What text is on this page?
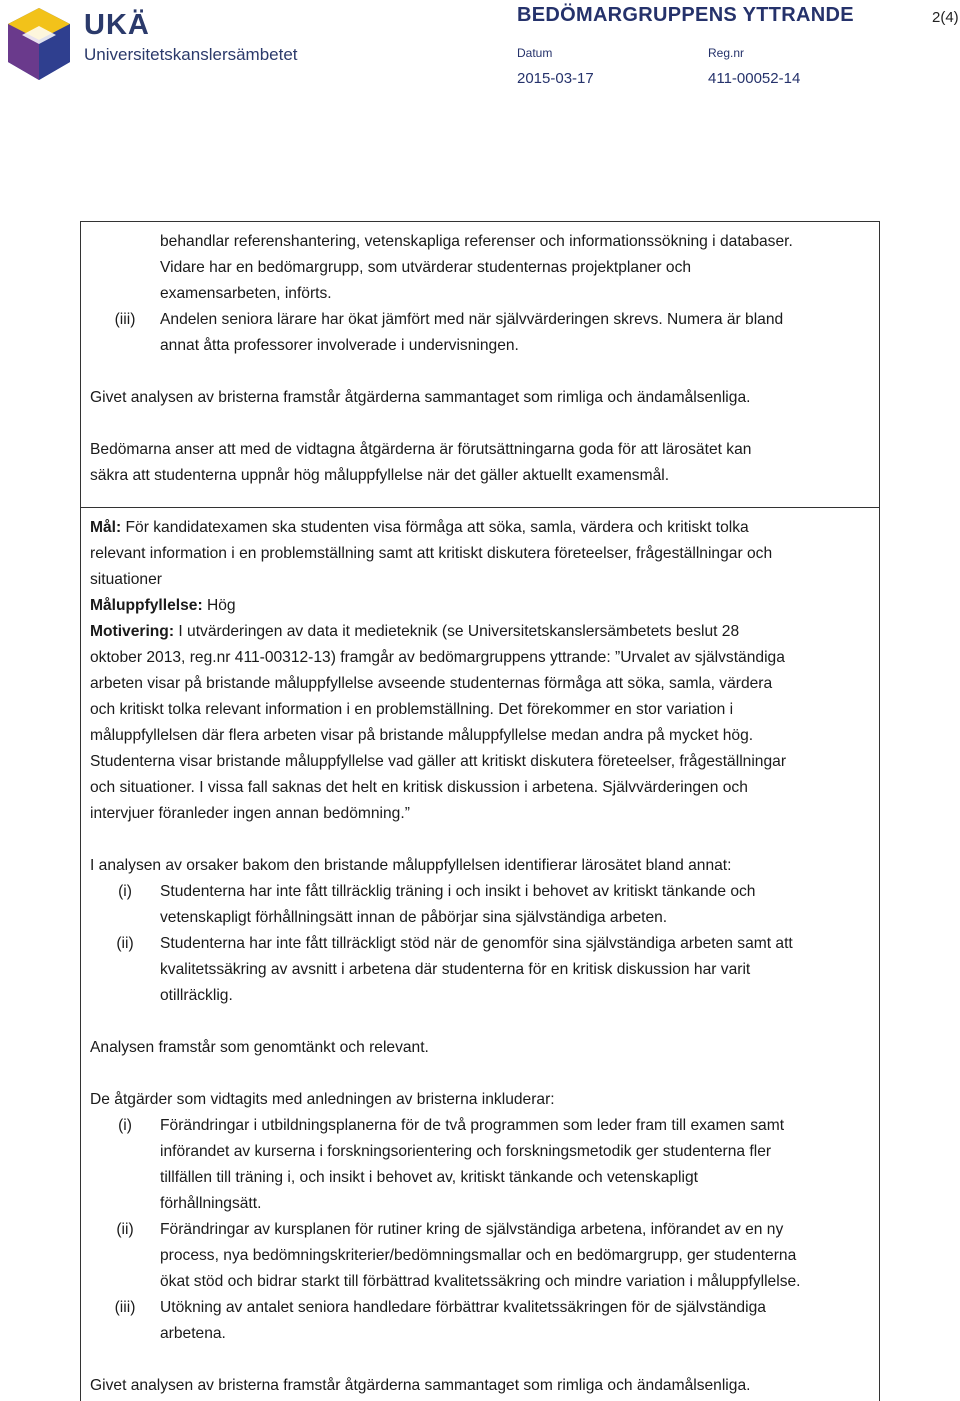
UKÄ
Universitetskanslersämbetet
BEDÖMARGRUPPENS YTTRANDE	2(4)
Datum	Reg.nr
2015-03-17	411-00052-14
behandlar referenshantering, vetenskapliga referenser och informationssökning i databaser.
Vidare har en bedömargrupp, som utvärderar studenternas projektplaner och
examensarbeten, införts.
(iii)	Andelen seniora lärare har ökat jämfört med när självvärderingen skrevs. Numera är bland
annat åtta professorer involverade i undervisningen.
Givet analysen av bristerna framstår åtgärderna sammantaget som rimliga och ändamålsenliga.
Bedömarna anser att med de vidtagna åtgärderna är förutsättningarna goda för att lärosätet kan
säkra att studenterna uppnår hög måluppfyllelse när det gäller aktuellt examensmål.
Mål: För kandidatexamen ska studenten visa förmåga att söka, samla, värdera och kritiskt tolka
relevant information i en problemställning samt att kritiskt diskutera företeelser, frågeställningar och
situationer
Måluppfyllelse: Hög
Motivering: I utvärderingen av data it medieteknik (se Universitetskanslersämbetets beslut 28
oktober 2013, reg.nr 411-00312-13) framgår av bedömargruppens yttrande: ”Urvalet av självständiga
arbeten visar på bristande måluppfyllelse avseende studenternas förmåga att söka, samla, värdera
och kritiskt tolka relevant information i en problemställning. Det förekommer en stor variation i
måluppfyllelsen där flera arbeten visar på bristande måluppfyllelse medan andra på mycket hög.
Studenterna visar bristande måluppfyllelse vad gäller att kritiskt diskutera företeelser, frågeställningar
och situationer. I vissa fall saknas det helt en kritisk diskussion i arbetena. Självvärderingen och
intervjuer föranleder ingen annan bedömning.”
I analysen av orsaker bakom den bristande måluppfyllelsen identifierar lärosätet bland annat:
(i)	Studenterna har inte fått tillräcklig träning i och insikt i behovet av kritiskt tänkande och
vetenskapligt förhållningsätt innan de påbörjar sina självständiga arbeten.
(ii)	Studenterna har inte fått tillräckligt stöd när de genomför sina självständiga arbeten samt att
kvalitetssäkring av avsnitt i arbetena där studenterna för en kritisk diskussion har varit
otillräcklig.
Analysen framstår som genomtänkt och relevant.
De åtgärder som vidtagits med anledningen av bristerna inkluderar:
(i)	Förändringar i utbildningsplanerna för de två programmen som leder fram till examen samt
införandet av kurserna i forskningsorientering och forskningsmetodik ger studenterna fler
tillfällen till träning i, och insikt i behovet av, kritiskt tänkande och vetenskapligt
förhållningsätt.
(ii)	Förändringar av kursplanen för rutiner kring de självständiga arbetena, införandet av en ny
process, nya bedömningskriterier/bedömningsmallar och en bedömargrupp, ger studenterna
ökat stöd och bidrar starkt till förbättrad kvalitetssäkring och mindre variation i måluppfyllelse.
(iii)	Utökning av antalet seniora handledare förbättrar kvalitetssäkringen för de självständiga
arbetena.
Givet analysen av bristerna framstår åtgärderna sammantaget som rimliga och ändamålsenliga.
